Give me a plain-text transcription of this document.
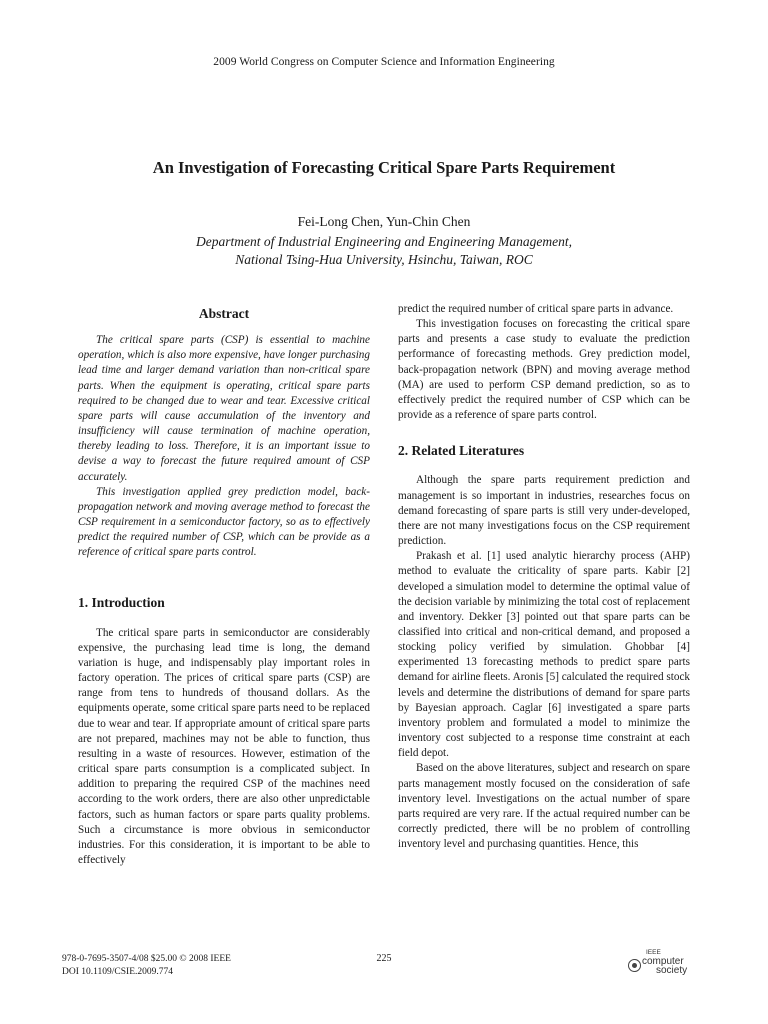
2009 World Congress on Computer Science and Information Engineering
An Investigation of Forecasting Critical Spare Parts Requirement
Fei-Long Chen, Yun-Chin Chen
Department of Industrial Engineering and Engineering Management,
National Tsing-Hua University, Hsinchu, Taiwan, ROC
Abstract

The critical spare parts (CSP) is essential to machine operation, which is also more expensive, have longer purchasing lead time and larger demand variation than non-critical spare parts. When the equipment is operating, critical spare parts required to be changed due to wear and tear. Excessive critical spare parts will cause accumulation of the inventory and insufficiency will cause termination of machine operation, thereby leading to loss. Therefore, it is an important issue to devise a way to forecast the future required amount of CSP accurately.

This investigation applied grey prediction model, back-propagation network and moving average method to forecast the CSP requirement in a semiconductor factory, so as to effectively predict the required number of CSP, which can be provide as a reference of critical spare parts control.

1. Introduction

The critical spare parts in semiconductor are considerably expensive, the purchasing lead time is long, the demand variation is huge, and indispensably play important roles in factory operation. The prices of critical spare parts (CSP) are range from tens to hundreds of thousand dollars. As the equipments operate, some critical spare parts need to be replaced due to wear and tear. If appropriate amount of critical spare parts are not prepared, machines may not be able to function, thus resulting in a waste of resources. However, estimation of the critical spare parts consumption is a complicated subject. In addition to preparing the required CSP of the machines need according to the work orders, there are also other unpredictable factors, such as human factors or spare parts quality problems. Such a circumstance is more obvious in semiconductor industries. For this consideration, it is important to be able to effectively

predict the required number of critical spare parts in advance.

This investigation focuses on forecasting the critical spare parts and presents a case study to evaluate the prediction performance of forecasting methods. Grey prediction model, back-propagation network (BPN) and moving average method (MA) are used to perform CSP demand prediction, so as to effectively predict the required number of CSP which can be provide as a reference of spare parts control.

2. Related Literatures

Although the spare parts requirement prediction and management is so important in industries, researches focus on demand forecasting of spare parts is still very under-developed, there are not many investigations focus on the CSP requirement prediction.

Prakash et al. [1] used analytic hierarchy process (AHP) method to evaluate the criticality of spare parts. Kabir [2] developed a simulation model to determine the optimal value of the decision variable by minimizing the total cost of replacement and inventory. Dekker [3] pointed out that spare parts can be classified into critical and non-critical demand, and proposed a stocking policy verified by simulation. Ghobbar [4] experimented 13 forecasting methods to predict spare parts demand for airline fleets. Aronis [5] calculated the required stock levels and determine the distributions of demand for spare parts by Bayesian approach. Caglar [6] investigated a spare parts inventory problem and formulated a model to minimize the inventory cost subjected to a response time constraint at each field depot.

Based on the above literatures, subject and research on spare parts management mostly focused on the consideration of safe inventory level. Investigations on the actual number of spare parts required are very rare. If the actual required number can be correctly predicted, there will be no problem of controlling inventory level and purchasing quantities. Hence, this

978-0-7695-3507-4/08 $25.00 © 2008 IEEE
DOI 10.1109/CSIE.2009.774
225
IEEE
computer
society
